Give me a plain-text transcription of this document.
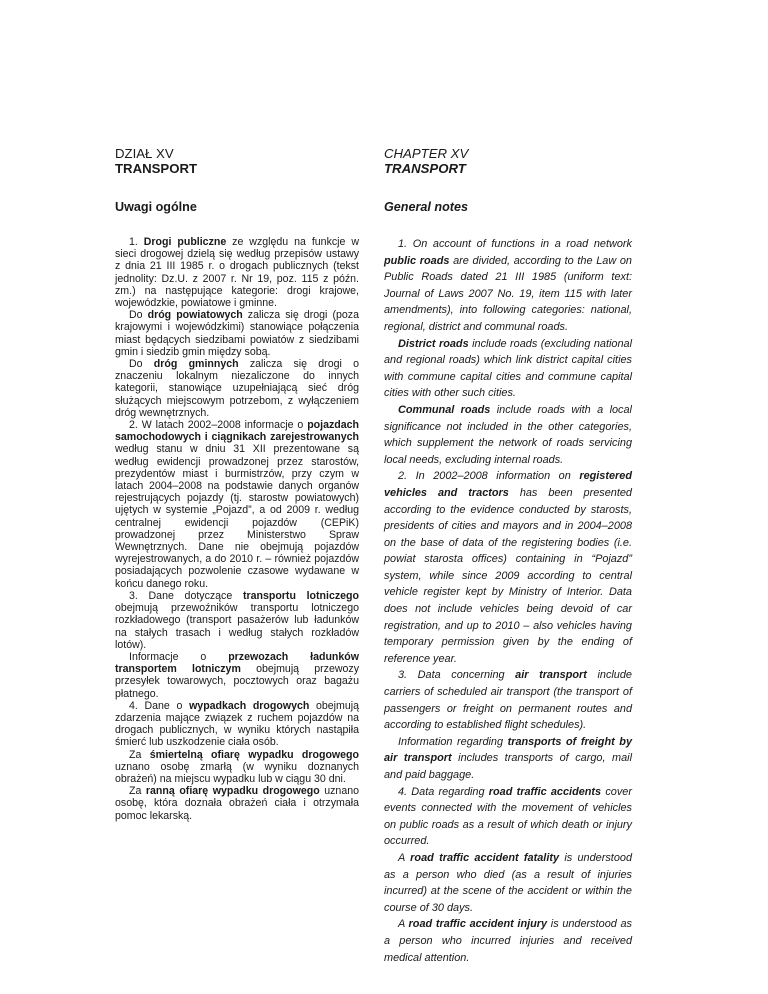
DZIAŁ XV

TRANSPORT

Uwagi ogólne

1. Drogi publiczne ze względu na funkcje w sieci drogowej dzielą się według przepisów ustawy z dnia 21 III 1985 r. o drogach publicznych (tekst jednolity: Dz.U. z 2007 r. Nr 19, poz. 115 z późn. zm.) na następujące kategorie: drogi krajowe, wojewódzkie, powiatowe i gminne.

Do dróg powiatowych zalicza się drogi (poza krajowymi i wojewódzkimi) stanowiące połączenia miast będących siedzibami powiatów z siedzibami gmin i siedzib gmin między sobą.

Do dróg gminnych zalicza się drogi o znaczeniu lokalnym niezaliczone do innych kategorii, stanowiące uzupełniającą sieć dróg służących miejscowym potrzebom, z wyłączeniem dróg wewnętrznych.

2. W latach 2002–2008 informacje o pojazdach samochodowych i ciągnikach zarejestrowanych według stanu w dniu 31 XII prezentowane są według ewidencji prowadzonej przez starostów, prezydentów miast i burmistrzów, przy czym w latach 2004–2008 na podstawie danych organów rejestrujących pojazdy (tj. starostw powiatowych) ujętych w systemie „Pojazd”, a od 2009 r. według centralnej ewidencji pojazdów (CEPiK) prowadzonej przez Ministerstwo Spraw Wewnętrznych. Dane nie obejmują pojazdów wyrejestrowanych, a do 2010 r. – również pojazdów posiadających pozwolenie czasowe wydawane w końcu danego roku.

3. Dane dotyczące transportu lotniczego obejmują przewoźników transportu lotniczego rozkładowego (transport pasażerów lub ładunków na stałych trasach i według stałych rozkładów lotów).

Informacje o przewozach ładunków transportem lotniczym obejmują przewozy przesyłek towarowych, pocztowych oraz bagażu płatnego.

4. Dane o wypadkach drogowych obejmują zdarzenia mające związek z ruchem pojazdów na drogach publicznych, w wyniku których nastąpiła śmierć lub uszkodzenie ciała osób.

Za śmiertelną ofiarę wypadku drogowego uznano osobę zmarłą (w wyniku doznanych obrażeń) na miejscu wypadku lub w ciągu 30 dni.

Za ranną ofiarę wypadku drogowego uznano osobę, która doznała obrażeń ciała i otrzymała pomoc lekarską.

CHAPTER XV

TRANSPORT

General notes

1. On account of functions in a road network public roads are divided, according to the Law on Public Roads dated 21 III 1985 (uniform text: Journal of Laws 2007 No. 19, item 115 with later amendments), into following categories: national, regional, district and communal roads.

District roads include roads (excluding national and regional roads) which link district capital cities with commune capital cities and commune capital cities with other such cities.

Communal roads include roads with a local significance not included in the other categories, which supplement the network of roads servicing local needs, excluding internal roads.

2. In 2002–2008 information on registered vehicles and tractors has been presented according to the evidence conducted by starosts, presidents of cities and mayors and in 2004–2008 on the base of data of the registering bodies (i.e. powiat starosta offices) containing in “Pojazd” system, while since 2009 according to central vehicle register kept by Ministry of Interior. Data does not include vehicles being devoid of car registration, and up to 2010 – also vehicles having temporary permission given by the ending of reference year.

3. Data concerning air transport include carriers of scheduled air transport (the transport of passengers or freight on permanent routes and according to established flight schedules).

Information regarding transports of freight by air transport includes transports of cargo, mail and paid baggage.

4. Data regarding road traffic accidents cover events connected with the movement of vehicles on public roads as a result of which death or injury occurred.

A road traffic accident fatality is understood as a person who died (as a result of injuries incurred) at the scene of the accident or within the course of 30 days.

A road traffic accident injury is understood as a person who incurred injuries and received medical attention.
